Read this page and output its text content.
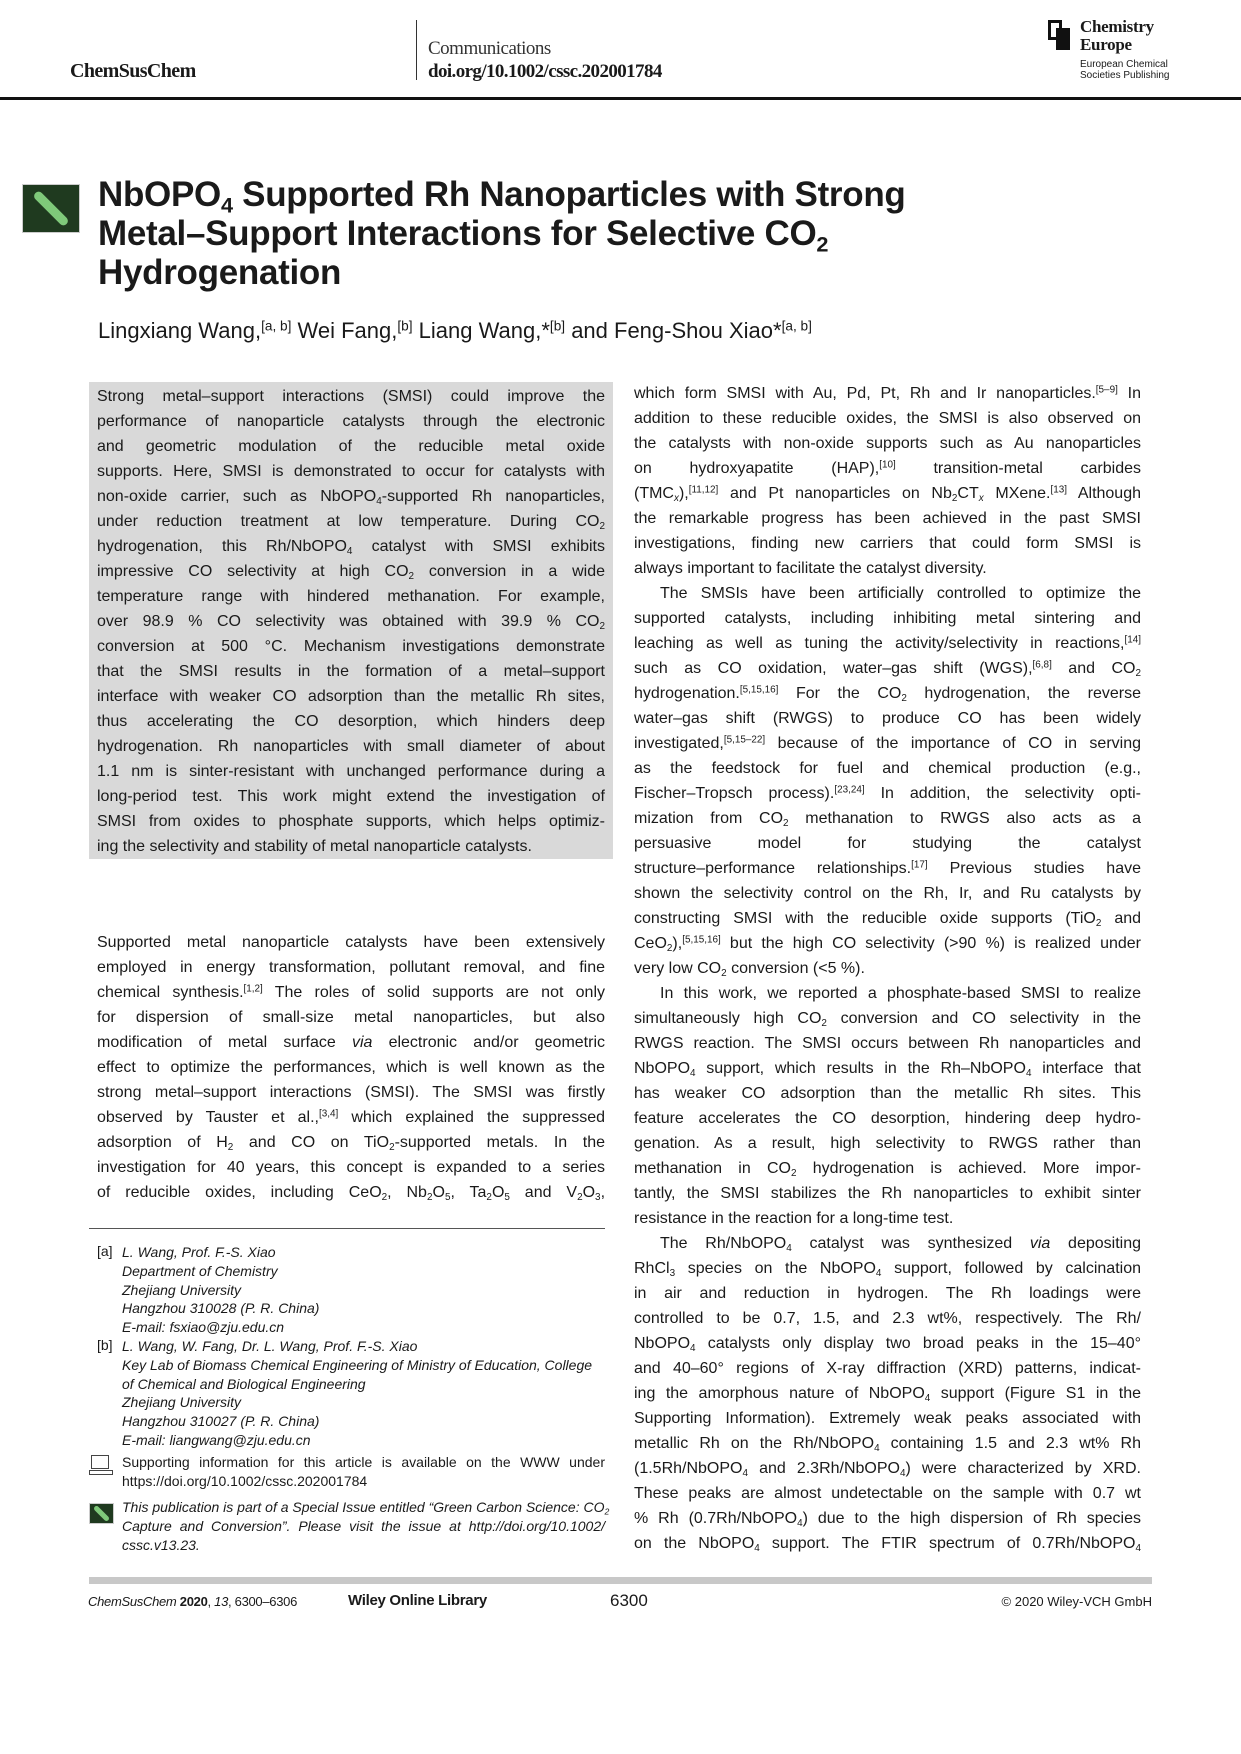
ChemSusChem
Communications
doi.org/10.1002/cssc.202001784
Chemistry
Europe
European Chemical
Societies Publishing
NbOPO$_4$ Supported Rh Nanoparticles with Strong
Metal–Support Interactions for Selective $CO_2$
Hydrogenation
Lingxiang Wang,[a, b] Wei Fang,[b] Liang Wang,*[b] and Feng-Shou Xiao*[a, b]
Strong metal–support interactions (SMSI) could improve the
performance of nanoparticle catalysts through the electronic
and geometric modulation of the reducible metal oxide
supports. Here, SMSI is demonstrated to occur for catalysts with
non-oxide carrier, such as NbOPO$_4$-supported Rh nanoparticles,
under reduction treatment at low temperature. During $CO_2$
hydrogenation, this Rh/NbOPO$_4$ catalyst with SMSI exhibits
impressive CO selectivity at high $CO_2$ conversion in a wide
temperature range with hindered methanation. For example,
over 98.9 % CO selectivity was obtained with 39.9 % $CO_2$
conversion at 500 °C. Mechanism investigations demonstrate
that the SMSI results in the formation of a metal–support
interface with weaker CO adsorption than the metallic Rh sites,
thus accelerating the CO desorption, which hinders deep
hydrogenation. Rh nanoparticles with small diameter of about
1.1 nm is sinter-resistant with unchanged performance during a
long-period test. This work might extend the investigation of
SMSI from oxides to phosphate supports, which helps optimiz-
ing the selectivity and stability of metal nanoparticle catalysts.
Supported metal nanoparticle catalysts have been extensively
employed in energy transformation, pollutant removal, and fine
chemical synthesis.[1,2] The roles of solid supports are not only
for dispersion of small-size metal nanoparticles, but also
modification of metal surface via electronic and/or geometric
effect to optimize the performances, which is well known as the
strong metal–support interactions (SMSI). The SMSI was firstly
observed by Tauster et al.,[3,4] which explained the suppressed
adsorption of $H_2$ and CO on TiO$_2$-supported metals. In the
investigation for 40 years, this concept is expanded to a series
of reducible oxides, including CeO$_2$, $Nb_2O_5$, $Ta_2O_5$ and $V_2O_3$,
which form SMSI with Au, Pd, Pt, Rh and Ir nanoparticles.[5–9] In
addition to these reducible oxides, the SMSI is also observed on
the catalysts with non-oxide supports such as Au nanoparticles
on hydroxyapatite (HAP),[10] transition-metal carbides
$(TMC_x),[11,12]$ and Pt nanoparticles on $Nb_2CT_x$ MXene.[13] Although
the remarkable progress has been achieved in the past SMSI
investigations, finding new carriers that could form SMSI is
always important to facilitate the catalyst diversity.
The SMSIs have been artificially controlled to optimize the
supported catalysts, including inhibiting metal sintering and
leaching as well as tuning the activity/selectivity in reactions,[14]
such as CO oxidation, water–gas shift (WGS),[6,8] and $CO_2$
hydrogenation.[5,15,16] For the $CO_2$ hydrogenation, the reverse
water–gas shift (RWGS) to produce CO has been widely
investigated,[5,15–22] because of the importance of CO in serving
as the feedstock for fuel and chemical production (e.g.,
Fischer–Tropsch process).[23,24] In addition, the selectivity opti-
mization from $CO_2$ methanation to RWGS also acts as a
persuasive model for studying the catalyst
structure–performance relationships.[17] Previous studies have
shown the selectivity control on the Rh, Ir, and Ru catalysts by
constructing SMSI with the reducible oxide supports (TiO$_2$ and
CeO$_2$),[5,15,16] but the high CO selectivity (>90 %) is realized under
very low $CO_2$ conversion (<5 %).
In this work, we reported a phosphate-based SMSI to realize
simultaneously high $CO_2$ conversion and CO selectivity in the
RWGS reaction. The SMSI occurs between Rh nanoparticles and
NbOPO$_4$ support, which results in the Rh–NbOPO$_4$ interface that
has weaker CO adsorption than the metallic Rh sites. This
feature accelerates the CO desorption, hindering deep hydro-
genation. As a result, high selectivity to RWGS rather than
methanation in $CO_2$ hydrogenation is achieved. More impor-
tantly, the SMSI stabilizes the Rh nanoparticles to exhibit sinter
resistance in the reaction for a long-time test.
The Rh/NbOPO$_4$ catalyst was synthesized via depositing
RhCl$_3$ species on the NbOPO$_4$ support, followed by calcination
in air and reduction in hydrogen. The Rh loadings were
controlled to be 0.7, 1.5, and 2.3 wt%, respectively. The Rh/
NbOPO$_4$ catalysts only display two broad peaks in the 15–40°
and 40–60° regions of X-ray diffraction (XRD) patterns, indicat-
ing the amorphous nature of NbOPO$_4$ support (Figure S1 in the
Supporting Information). Extremely weak peaks associated with
metallic Rh on the Rh/NbOPO$_4$ containing 1.5 and 2.3 wt% Rh
(1.5Rh/NbOPO$_4$ and 2.3Rh/NbOPO$_4$) were characterized by XRD.
These peaks are almost undetectable on the sample with 0.7 wt
% Rh (0.7Rh/NbOPO$_4$) due to the high dispersion of Rh species
on the NbOPO$_4$ support. The FTIR spectrum of 0.7Rh/NbOPO$_4$
[a] L. Wang, Prof. F.-S. Xiao
Department of Chemistry
Zhejiang University
Hangzhou 310028 (P. R. China)
E-mail: fsxiao@zju.edu.cn
[b] L. Wang, W. Fang, Dr. L. Wang, Prof. F.-S. Xiao
Key Lab of Biomass Chemical Engineering of Ministry of Education, College
of Chemical and Biological Engineering
Zhejiang University
Hangzhou 310027 (P. R. China)
E-mail: liangwang@zju.edu.cn
Supporting information for this article is available on the WWW under
https://doi.org/10.1002/cssc.202001784
This publication is part of a Special Issue entitled “Green Carbon Science: $CO_2$
Capture and Conversion”. Please visit the issue at http://doi.org/10.1002/
cssc.v13.23.
ChemSusChem 2020, 13, 6300–6306	Wiley Online Library	6300	© 2020 Wiley-VCH GmbH
